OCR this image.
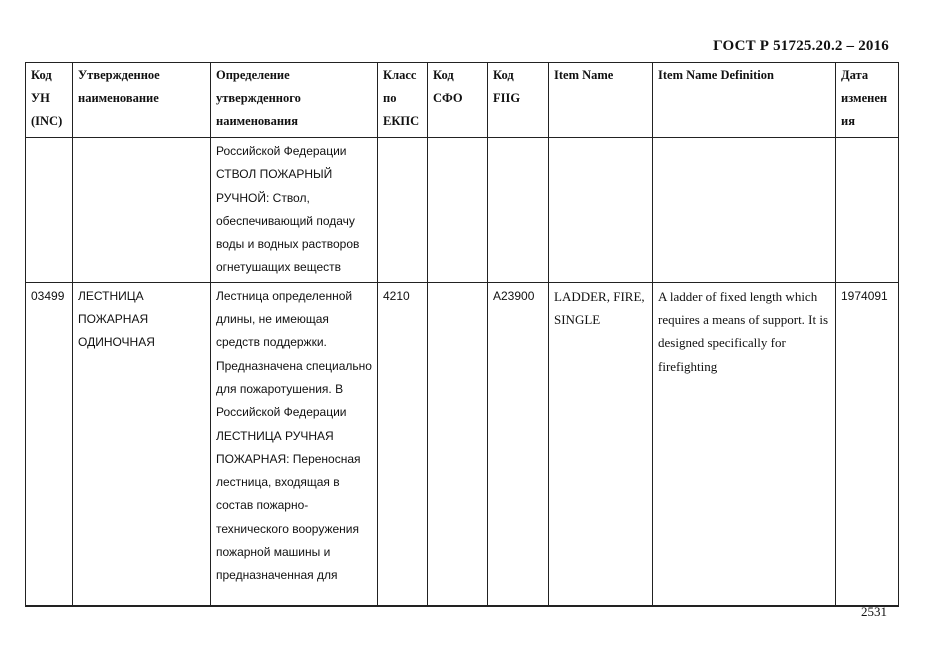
ГОСТ Р 51725.20.2 – 2016
Код УН (INC)	Утвержденное наименование	Определение утвержденного наименования	Класс по ЕКПС	Код СФО	Код FIIG	Item Name	Item Name Definition	Дата изменения
		Российской Федерации СТВОЛ ПОЖАРНЫЙ РУЧНОЙ: Ствол, обеспечивающий подачу воды и водных растворов огнетушащих веществ						
03499	ЛЕСТНИЦА ПОЖАРНАЯ ОДИНОЧНАЯ	Лестница определенной длины, не имеющая средств поддержки. Предназначена специально для пожаротушения. В Российской Федерации ЛЕСТНИЦА РУЧНАЯ ПОЖАРНАЯ: Переносная лестница, входящая в состав пожарно-технического вооружения пожарной машины и предназначенная для	4210		A23900	LADDER, FIRE, SINGLE	A ladder of fixed length which requires a means of support. It is designed specifically for firefighting	1974091
2531
